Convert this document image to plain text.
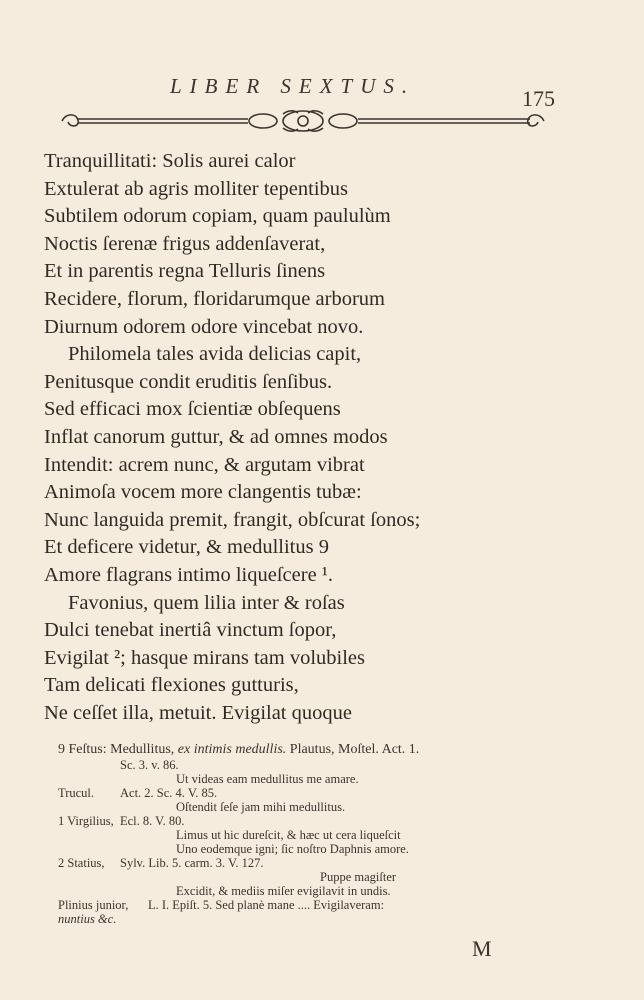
LIBER SEXTUS.	175
Tranquillitati: Solis aurei calor
Extulerat ab agris molliter tepentibus
Subtilem odorum copiam, quam paululùm
Noctis ſerenæ frigus addenſaverat,
Et in parentis regna Telluris ſinens
Recidere, florum, floridarumque arborum
Diurnum odorem odore vincebat novo.
Philomela tales avida delicias capit,
Penitusque condit eruditis ſenſibus.
Sed efficaci mox ſcientiæ obſequens
Inflat canorum guttur, & ad omnes modos
Intendit: acrem nunc, & argutam vibrat
Animoſa vocem more clangentis tubæ:
Nunc languida premit, frangit, obſcurat ſonos;
Et deficere videtur, & medullitus 9
Amore flagrans intimo liqueſcere ¹.
Favonius, quem lilia inter & roſas
Dulci tenebat inertiâ vinctum ſopor,
Evigilat ²; hasque mirans tam volubiles
Tam delicati flexiones gutturis,
Ne ceſſet illa, metuit. Evigilat quoque
9 Feſtus: Medullitus,
ex intimis medullis.
Plautus, Moſtel. Act. 1.
Sc. 3. v. 86.
Ut videas eam medullitus me amare.
Trucul.	Act. 2. Sc. 4. V. 85.
Oſtendit ſeſe jam mihi medullitus.
1 Virgilius, Ecl. 8. V. 80.
Limus ut hic dureſcit, & hæc ut cera liqueſcit
Uno eodemque igni; ſic noſtro Daphnis amore.
2 Statius,	Sylv. Lib. 5. carm. 3. V. 127.
Puppe magiſter
Excidit, & mediis miſer evigilavit in undis.
Plinius junior,	L. I. Epiſt. 5. Sed planè mane .... Evigilaveram:
nuntius &c.
M
